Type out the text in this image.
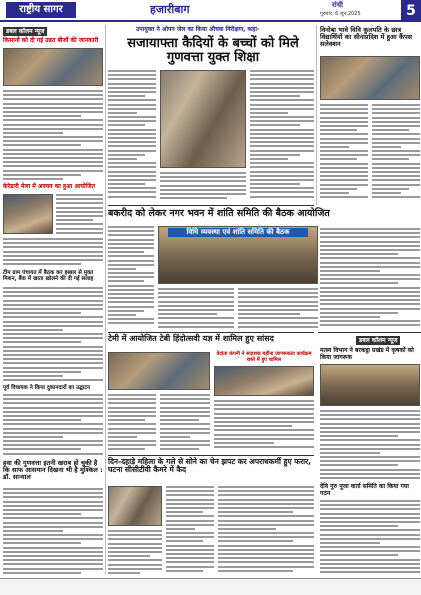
राष्ट्रीय सागर	हजारीबाग	रांची
गुरुवार, 6 जून 2025	5
डबल कॉलम न्यूज
किसानों को दी गई उन्नत बीजों की जानकारी
केरेडारी मेला में अवयव का हुआ आयोजित
टीम ग्राम पंचायत में बैठक कर हब्बल से मुक्त मिशन, बैंक में खाता खोलने की दी गई सलाह
पूर्व विधायक ने किया दुकानदारों का उद्घाटन
हवा की गुणवत्ता इतनी खराब हो चुकी है कि साफ आसमान दिखना भी है मुश्किल : डॉ. सान्याल
उपायुक्त ने ओपन जेल का किया औचक निरीक्षण, कहा-
सजायाफ्ता कैदियों के बच्चों को मिले गुणवत्ता युक्त शिक्षा
बकरीद को लेकर नगर भवन में शांति समिति की बैठक आयोजित
विधि व्यवस्था एवं शांति समिति की बैठक
टेमी में आयोजित टेबी हिंदोत्सवी यज्ञ में शामिल हुए सांसद
वेदांता कंपनी ने सदाशक महीना जागरूकता कार्यक्रम रास्ते में हुए शामिल
दिन-दहाड़े महिला के गले से सोने का चेन झपट कर अपराधकर्मी हुए फरार, घटना सीसीटीवी कैमरे में कैद
विनोबा भावे विवि कुलपति के छात्र विद्यार्थियों का सीनाप्रदिश में हुआ कैंपस सलेक्शन
डबल कॉलम न्यूज
मत्स्य विभाग ने बरकट्ठा प्रखंड में कृषकों को किया जागरूक
देवि गुरु पूजा वार्ता समिति का किया गया गठन
